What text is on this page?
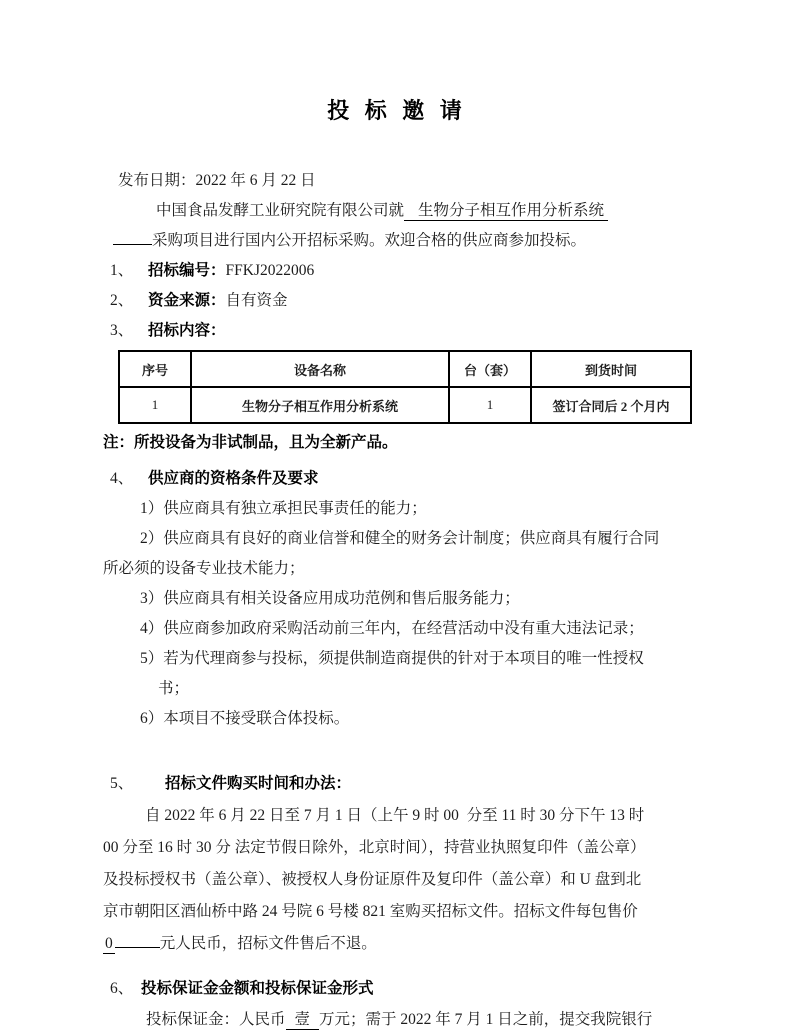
投 标 邀 请
发布日期：2022 年 6 月 22 日
中国食品发酵工业研究院有限公司就 生物分子相互作用分析系统
采购项目进行国内公开招标采购。欢迎合格的供应商参加投标。
1、 招标编号：FFKJ2022006
2、 资金来源：自有资金
3、 招标内容：
序号	设备名称	台（套）	到货时间
1	生物分子相互作用分析系统	1	签订合同后 2 个月内
注：所投设备为非试制品，且为全新产品。
4、 供应商的资格条件及要求
1）供应商具有独立承担民事责任的能力；
2）供应商具有良好的商业信誉和健全的财务会计制度；供应商具有履行合同
所必须的设备专业技术能力；
3）供应商具有相关设备应用成功范例和售后服务能力；
4）供应商参加政府采购活动前三年内，在经营活动中没有重大违法记录；
5）若为代理商参与投标，须提供制造商提供的针对于本项目的唯一性授权
书；
6）本项目不接受联合体投标。
5、 招标文件购买时间和办法：
自 2022 年 6 月 22 日至 7 月 1 日（上午 9 时 00  分至 11 时 30 分下午 13 时
00 分至 16 时 30 分 法定节假日除外，北京时间），持营业执照复印件（盖公章）
及投标授权书（盖公章）、被授权人身份证原件及复印件（盖公章）和 U 盘到北
京市朝阳区酒仙桥中路 24 号院 6 号楼 821 室购买招标文件。招标文件每包售价
0	元人民币，招标文件售后不退。
6、 投标保证金金额和投标保证金形式
投标保证金：人民币 壹 万元；需于 2022 年 7 月 1 日之前，提交我院银行
